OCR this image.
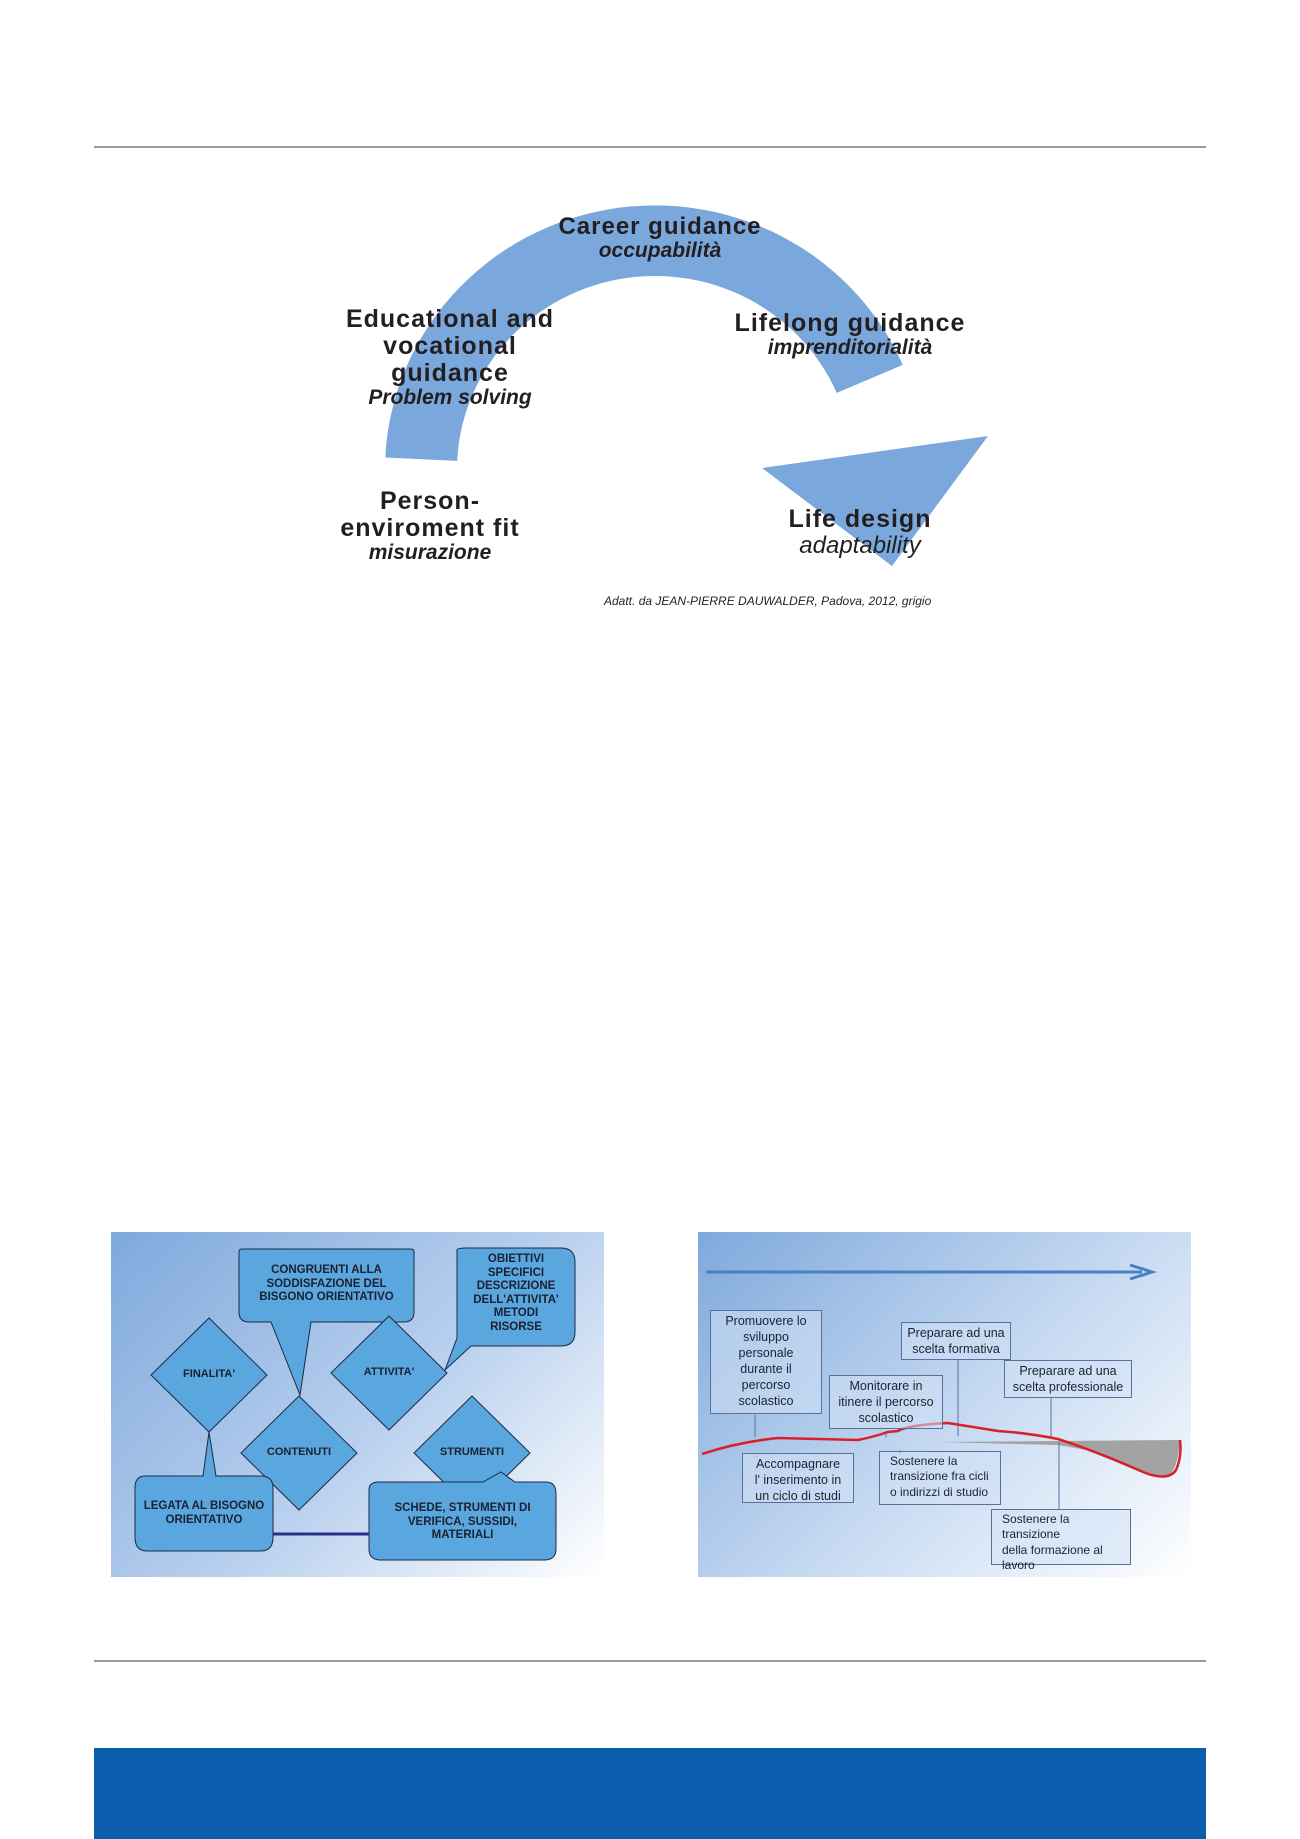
Career guidance
occupabilità
Educational and
vocational
guidance
Problem solving
Lifelong guidance
imprenditorialità
Person-
enviroment fit
misurazione
Life design
adaptability
Adatt. da JEAN-PIERRE DAUWALDER, Padova, 2012, grigio
CONGRUENTI ALLA
SODDISFAZIONE DEL
BISGONO ORIENTATIVO
OBIETTIVI
SPECIFICI
DESCRIZIONE
DELL'ATTIVITA'
METODI
RISORSE
FINALITA'	ATTIVITA'
CONTENUTI	STRUMENTI
LEGATA AL BISOGNO
ORIENTATIVO
SCHEDE, STRUMENTI DI
VERIFICA, SUSSIDI,
MATERIALI
Promuovere lo
sviluppo
personale
durante il
percorso
scolastico
Accompagnare
l' inserimento in
un ciclo di studi
Monitorare in
itinere il percorso
scolastico
Sostenere la
transizione fra cicli
o indirizzi di studio
Preparare ad una
scelta formativa
Preparare ad una
scelta professionale
Sostenere la transizione
della formazione al
lavoro
